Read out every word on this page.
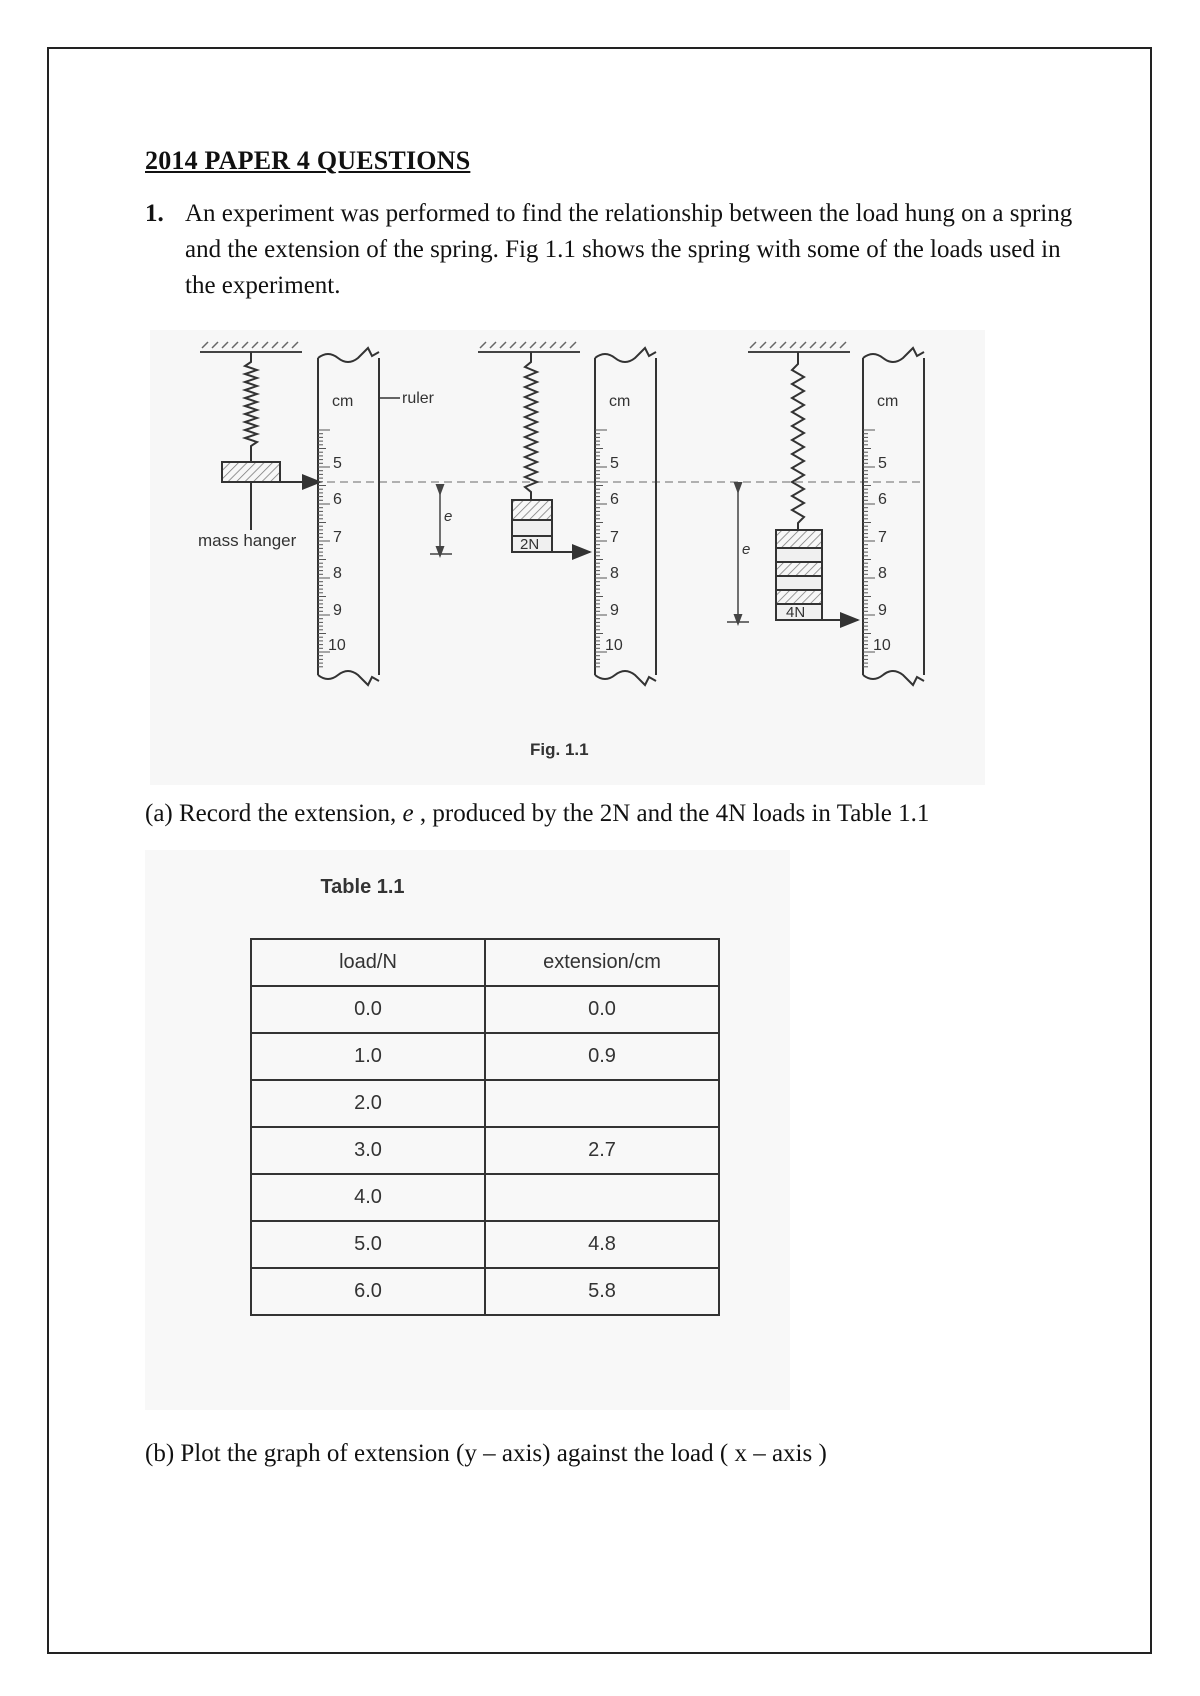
2014 PAPER 4 QUESTIONS
1. An experiment was performed to find the relationship between the load hung on a spring and the extension of the spring. Fig 1.1 shows the spring with some of the loads used in the experiment.
mass hanger
cm
5
6
7
8
9
10
ruler
2N
e
cm
5
6
7
8
9
10
4N
e
cm
5
6
7
8
9
10
Fig. 1.1
(a) Record the extension, e , produced by the 2N and the 4N loads in Table 1.1
Table 1.1
load/N	extension/cm
0.0	0.0
1.0	0.9
2.0	
3.0	2.7
4.0	
5.0	4.8
6.0	5.8
(b) Plot the graph of extension (y – axis) against the load ( x – axis )
